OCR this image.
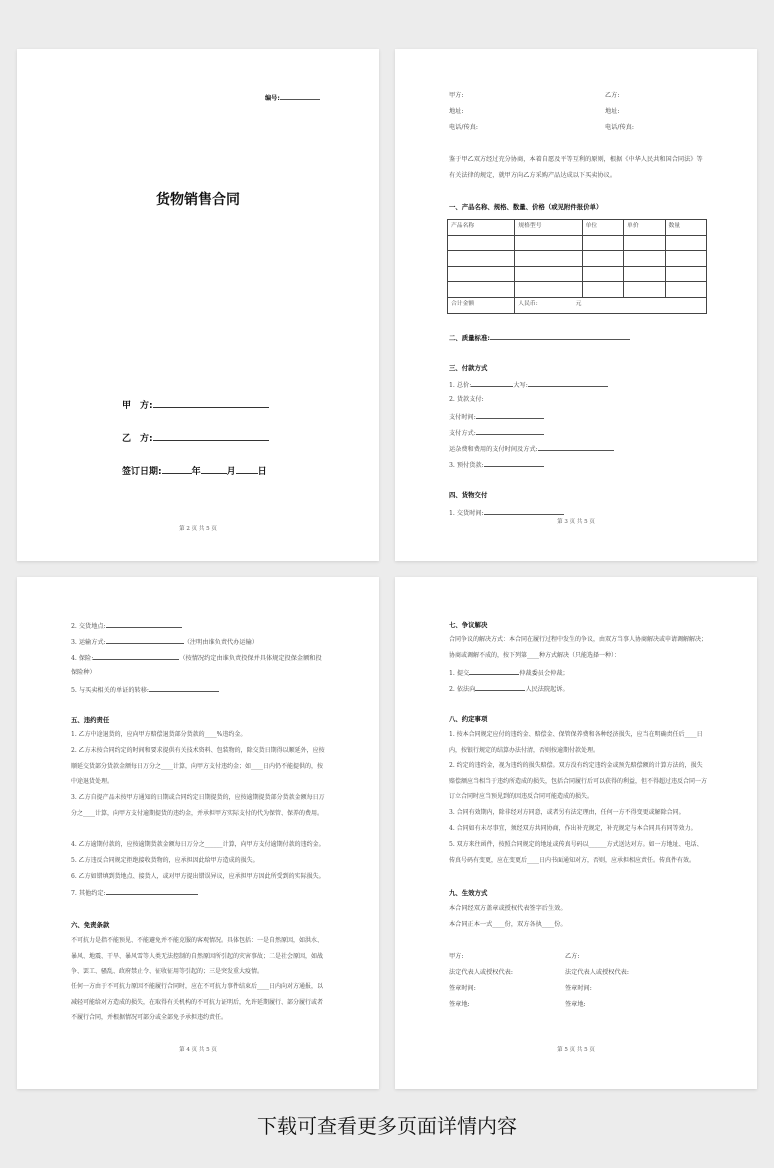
编号:
货物销售合同
甲　方:
乙　方:
签订日期:	年	月 日
第 2 页 共 5 页
甲方:	乙方:
地址:	地址:
电话/传真:	电话/传真:
鉴于甲乙双方经过充分协商，本着自愿及平等互利的原则，根据《中华人民共和国合同法》等
有关法律的规定，就甲方向乙方采购产品达成以下买卖协议。
一、产品名称、规格、数量、价格（或见附件报价单）
产品名称	规格型号	单位	单价	数量

合计金额	人民币: 元			
二、质量标准:
三、付款方式
1. 总价:	大写:
2. 货款支付:
支付时间:
支付方式:
运杂费和费用的支付时间及方式:
3. 预付货款:
四、货物交付
1. 交货时间:
第 3 页 共 5 页
2. 交货地点:
3. 运输方式:	（注明由谁负责代办运输）
4. 保险:	（按情况约定由谁负责投保并具体规定投保金额和投
保险种）
5. 与买卖相关的单证的转移:
五、违约责任
1. 乙方中途退货的，应向甲方赔偿退货部分货款的____%违约金。
2. 乙方未按合同约定的时间和要求提供有关技术资料、包装物的，除交货日期得以顺延外，应按顺延交货部分货款金额每日万分之____计算，向甲方支付违约金；如____日内仍不能提供的，按中途退货处理。
3. 乙方自提产品未按甲方通知的日期或合同约定日期提货的，应按逾期提货部分货款金额每日万分之____计算，向甲方支付逾期提货的违约金，并承担甲方实际支付的代为保管、保养的费用。
4. 乙方逾期付款的，应按逾期货款金额每日万分之______计算，向甲方支付逾期付款的违约金。
5. 乙方违反合同规定拒绝接收货物的，应承担因此给甲方造成的损失。
6. 乙方如错填到货地点、接货人，或对甲方提出错误异议，应承担甲方因此所受到的实际损失。
7. 其他约定:
六、免责条款
不可抗力是指不能预见、不能避免并不能克服的客观情况。具体包括：一是自然原因，如洪水、暴风、地震、干旱、暴风雪等人类无法控制的自然原因所引起的灾害事故；二是社会原因，如战争、罢工、骚乱、政府禁止令、征收征用等引起的；三是突发重大疫情。
任何一方由于不可抗力原因不能履行合同时，应在不可抗力事件结束后____日内向对方通报，以减轻可能给对方造成的损失，在取得有关机构的不可抗力证明后，允许延期履行、部分履行或者不履行合同，并根据情况可部分或全部免予承担违约责任。
第 4 页 共 5 页
七、争议解决
合同争议的解决方式：本合同在履行过程中发生的争议，由双方当事人协商解决或申请调解解决；协商或调解不成的，按下列第____种方式解决（只能选择一种）：
1. 提交	仲裁委员会仲裁；
2. 依法向	人民法院起诉。
八、约定事项
1. 按本合同规定应付的违约金、赔偿金、保管保养费和各种经济损失，应当在明确责任后____日内，按银行规定的结算办法付清，否则按逾期付款处理。
2. 约定的违约金，视为违约的损失赔偿。双方没有约定违约金或预先赔偿额的计算方法的，损失赔偿额应当相当于违约所造成的损失，包括合同履行后可以获得的利益，但不得超过违反合同一方订立合同时应当预见到的因违反合同可能造成的损失。
3. 合同有效期内，除非经对方同意，或者另有法定理由，任何一方不得变更或解除合同。
4. 合同如有未尽事宜，须经双方共同协商，作出补充规定，补充规定与本合同具有同等效力。
5. 双方来往函件，按照合同规定的地址或传真号码以______方式送达对方。如一方地址、电话、传真号码有变更，应在变更后____日内书面通知对方，否则，应承担相应责任。传真件有效。
九、生效方式
本合同经双方盖章或授权代表签字后生效。
本合同正本一式____份，双方各执____份。
甲方:	乙方:
法定代表人或授权代表:	法定代表人或授权代表:
签章时间:	签章时间:
签章地:	签章地:
第 5 页 共 5 页
下载可查看更多页面详情内容
